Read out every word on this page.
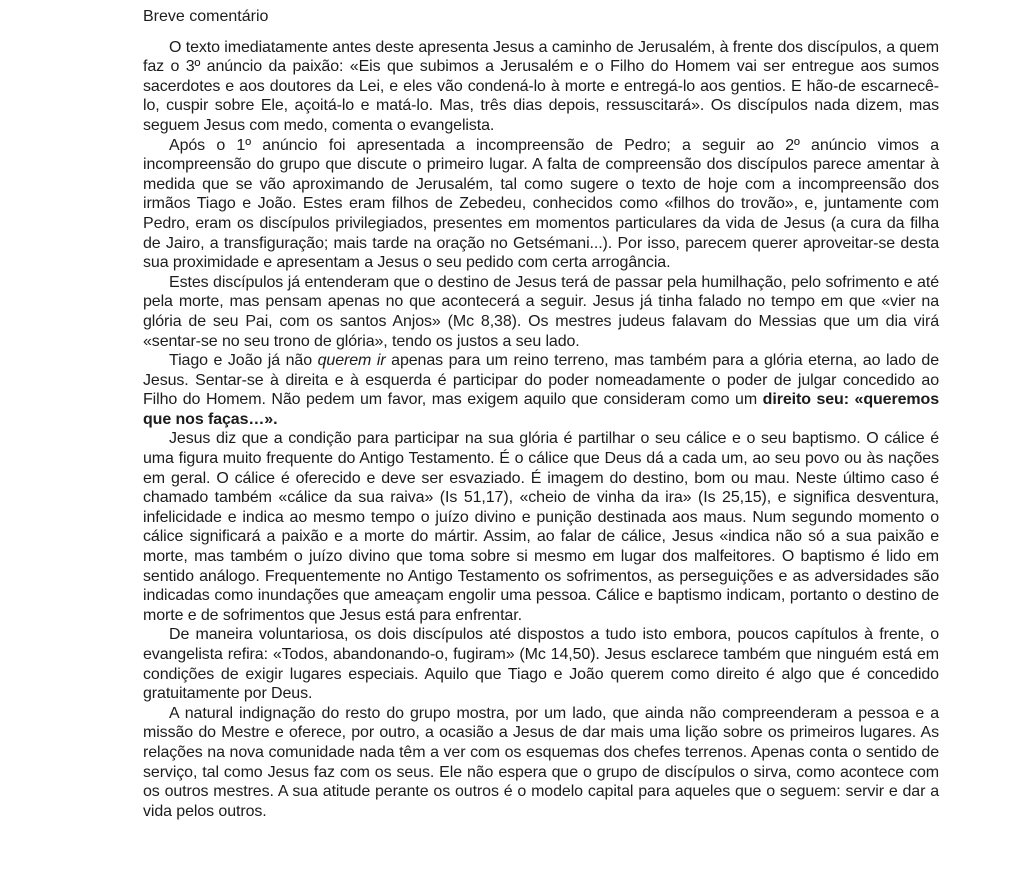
Breve comentário

O texto imediatamente antes deste apresenta Jesus a caminho de Jerusalém, à frente dos discípulos, a quem faz o 3º anúncio da paixão: «Eis que subimos a Jerusalém e o Filho do Homem vai ser entregue aos sumos sacerdotes e aos doutores da Lei, e eles vão condená-lo à morte e entregá-lo aos gentios. E hão-de escarnecê-lo, cuspir sobre Ele, açoitá-lo e matá-lo. Mas, três dias depois, ressuscitará». Os discípulos nada dizem, mas seguem Jesus com medo, comenta o evangelista.

Após o 1º anúncio foi apresentada a incompreensão de Pedro; a seguir ao 2º anúncio vimos a incompreensão do grupo que discute o primeiro lugar. A falta de compreensão dos discípulos parece amentar à medida que se vão aproximando de Jerusalém, tal como sugere o texto de hoje com a incompreensão dos irmãos Tiago e João. Estes eram filhos de Zebedeu, conhecidos como «filhos do trovão», e, juntamente com Pedro, eram os discípulos privilegiados, presentes em momentos particulares da vida de Jesus (a cura da filha de Jairo, a transfiguração; mais tarde na oração no Getsémani...). Por isso, parecem querer aproveitar-se desta sua proximidade e apresentam a Jesus o seu pedido com certa arrogância.

Estes discípulos já entenderam que o destino de Jesus terá de passar pela humilhação, pelo sofrimento e até pela morte, mas pensam apenas no que acontecerá a seguir. Jesus já tinha falado no tempo em que «vier na glória de seu Pai, com os santos Anjos» (Mc 8,38). Os mestres judeus falavam do Messias que um dia virá «sentar-se no seu trono de glória», tendo os justos a seu lado.

Tiago e João já não querem ir apenas para um reino terreno, mas também para a glória eterna, ao lado de Jesus. Sentar-se à direita e à esquerda é participar do poder nomeadamente o poder de julgar concedido ao Filho do Homem. Não pedem um favor, mas exigem aquilo que consideram como um direito seu: «queremos que nos faças…».

Jesus diz que a condição para participar na sua glória é partilhar o seu cálice e o seu baptismo. O cálice é uma figura muito frequente do Antigo Testamento. É o cálice que Deus dá a cada um, ao seu povo ou às nações em geral. O cálice é oferecido e deve ser esvaziado. É imagem do destino, bom ou mau. Neste último caso é chamado também «cálice da sua raiva» (Is 51,17), «cheio de vinha da ira» (Is 25,15), e significa desventura, infelicidade e indica ao mesmo tempo o juízo divino e punição destinada aos maus. Num segundo momento o cálice significará a paixão e a morte do mártir. Assim, ao falar de cálice, Jesus «indica não só a sua paixão e morte, mas também o juízo divino que toma sobre si mesmo em lugar dos malfeitores. O baptismo é lido em sentido análogo. Frequentemente no Antigo Testamento os sofrimentos, as perseguições e as adversidades são indicadas como inundações que ameaçam engolir uma pessoa. Cálice e baptismo indicam, portanto o destino de morte e de sofrimentos que Jesus está para enfrentar.

De maneira voluntariosa, os dois discípulos até dispostos a tudo isto embora, poucos capítulos à frente, o evangelista refira: «Todos, abandonando-o, fugiram» (Mc 14,50). Jesus esclarece também que ninguém está em condições de exigir lugares especiais. Aquilo que Tiago e João querem como direito é algo que é concedido gratuitamente por Deus.

A natural indignação do resto do grupo mostra, por um lado, que ainda não compreenderam a pessoa e a missão do Mestre e oferece, por outro, a ocasião a Jesus de dar mais uma lição sobre os primeiros lugares. As relações na nova comunidade nada têm a ver com os esquemas dos chefes terrenos. Apenas conta o sentido de serviço, tal como Jesus faz com os seus. Ele não espera que o grupo de discípulos o sirva, como acontece com os outros mestres. A sua atitude perante os outros é o modelo capital para aqueles que o seguem: servir e dar a vida pelos outros.
